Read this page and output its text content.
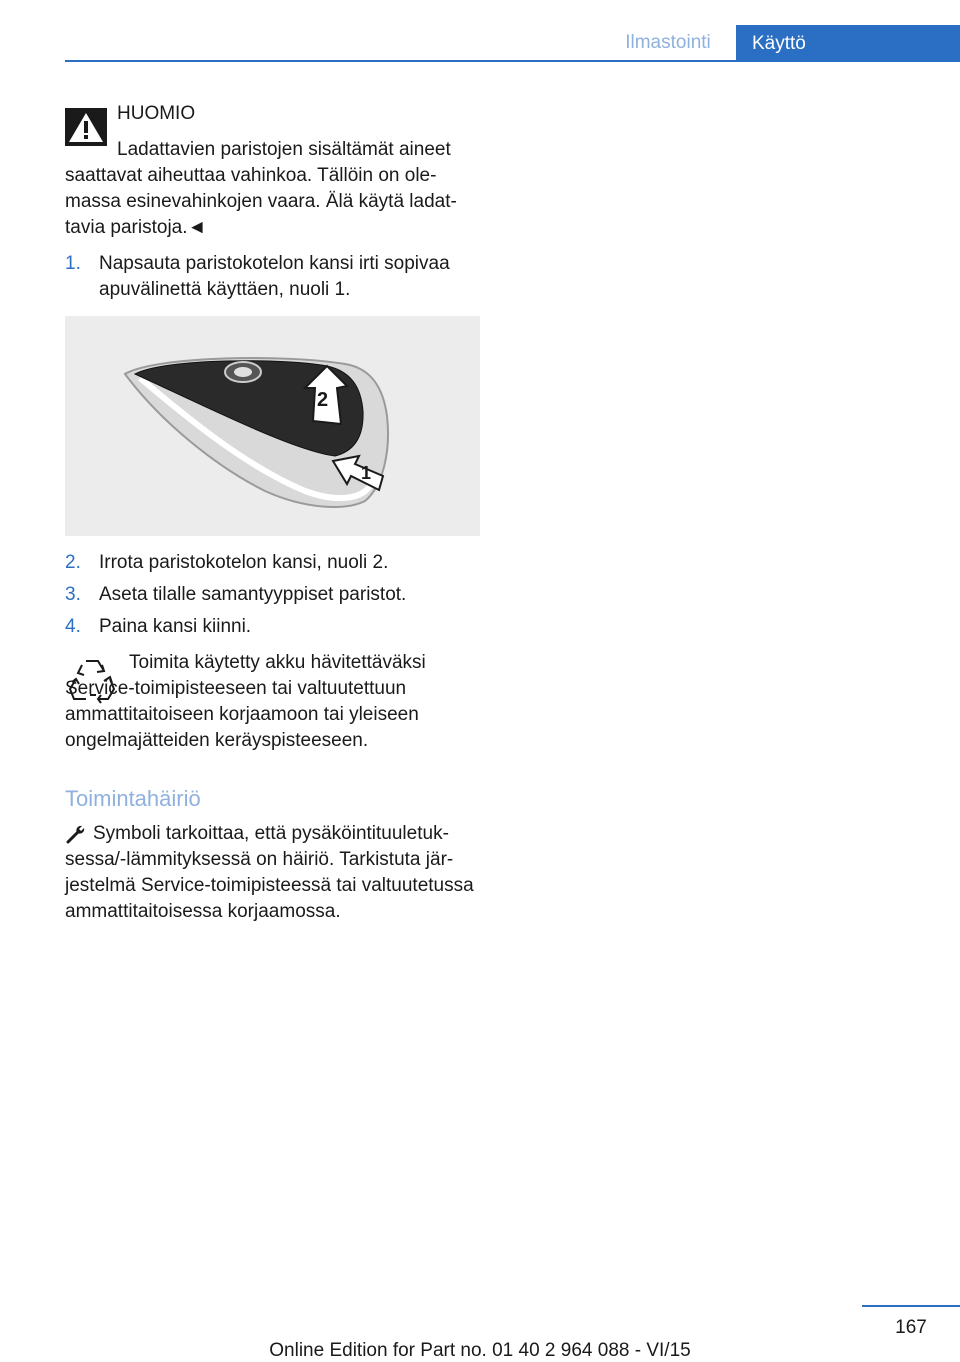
Ilmastointi Käyttö
HUOMIO
Ladattavien paristojen sisältämät aineet saattavat aiheuttaa vahinkoa. Tällöin on olemassa esinevahinkojen vaara. Älä käytä ladattavia paristoja.◄
1. Napsauta paristokotelon kansi irti sopivaa apuvälinettä käyttäen, nuoli 1.
2
1
2. Irrota paristokotelon kansi, nuoli 2.
3. Aseta tilalle samantyyppiset paristot.
4. Paina kansi kiinni.
Toimita käytetty akku hävitettäväksi Service-toimipisteeseen tai valtuutettuun ammattitaitoiseen korjaamoon tai yleiseen ongelmajätteiden keräyspisteeseen.
Toimintahäiriö
Symboli tarkoittaa, että pysäköintituuletuksessa/-lämmityksessä on häiriö. Tarkistuta järjestelmä Service-toimipisteessä tai valtuutetussa ammattitaitoisessa korjaamossa.
167
Online Edition for Part no. 01 40 2 964 088 - VI/15
